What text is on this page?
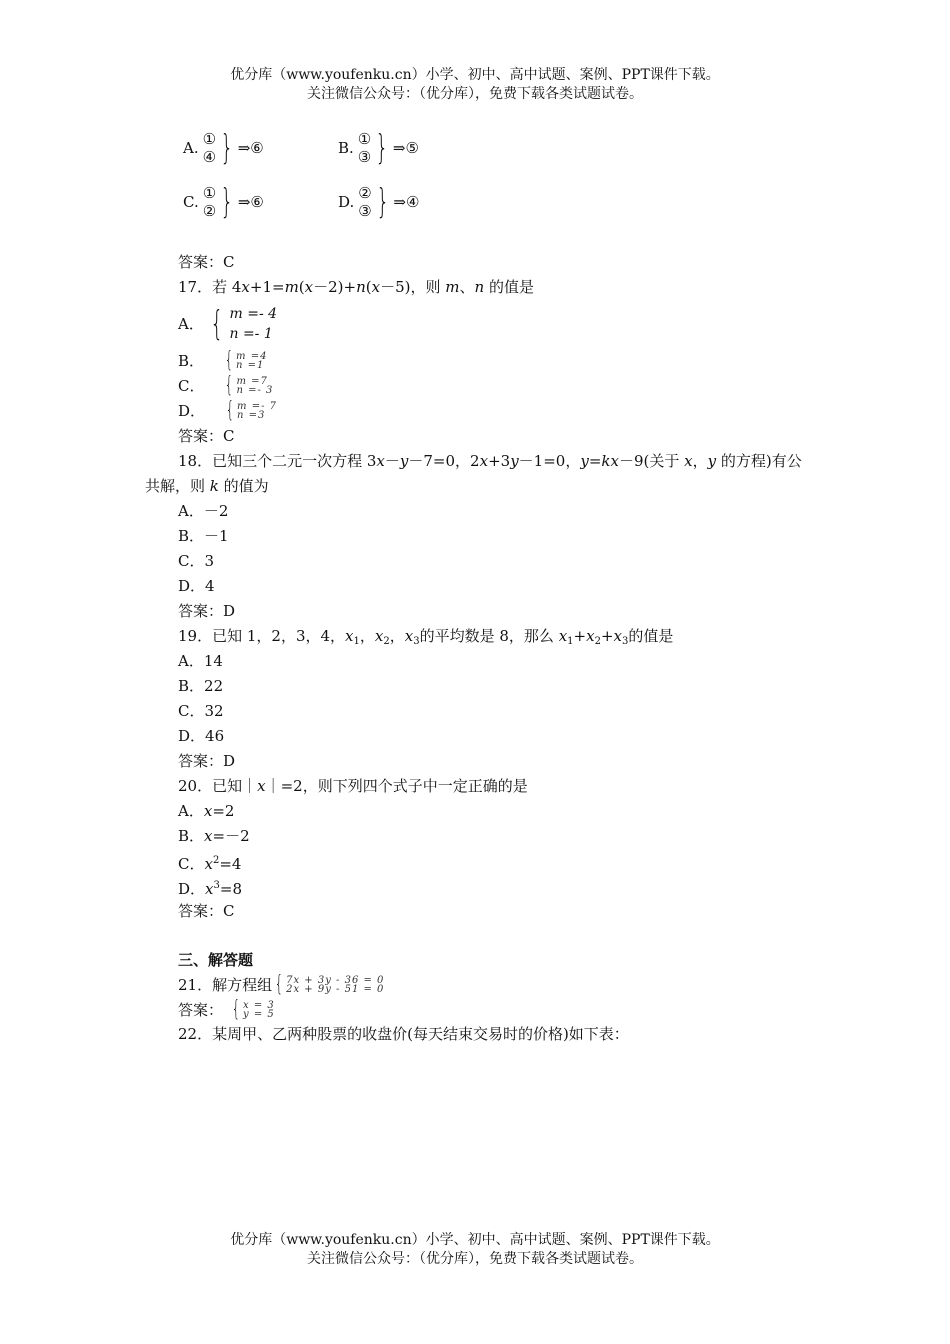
优分库（www.youfenku.cn）小学、初中、高中试题、案例、PPT课件下载。
关注微信公众号：（优分库），免费下载各类试题试卷。
A. ①
④ } ⇒ ⑥	B. ①
③ } ⇒ ⑤
C. ①
② } ⇒ ⑥	D. ②
③ } ⇒ ④
答案：C
17．若 4x+1=m(x－2)+n(x－5)，则 m、n 的值是
A． { m =- 4
n =- 1
B． { m =4
n =1
C． { m =7
n =- 3
D． { m =- 7
n =3
答案：C
18．已知三个二元一次方程 3x－y－7=0，2x+3y－1=0，y=kx－9(关于 x，y 的方程)有公
共解，则 k 的值为
A．－2
B．－1
C．3
D．4
答案：D
19．已知 1，2，3，4，$x_1$，$x_2$，$x_3$的平均数是 8，那么 $x_1+x_2+x_3$的值是
A．14
B．22
C．32
D．46
答案：D
20．已知｜x｜=2，则下列四个式子中一定正确的是
A．x=2
B．x=－2
C．$x^2=4$
D．$x^3=8$
答案：C
三、解答题
21． 解方程组 { 7x + 3y - 36 = 0
2x + 9y - 51 = 0
答案： { x = 3
y = 5
22．某周甲、乙两种股票的收盘价(每天结束交易时的价格)如下表：
优分库（www.youfenku.cn）小学、初中、高中试题、案例、PPT课件下载。
关注微信公众号：（优分库），免费下载各类试题试卷。
